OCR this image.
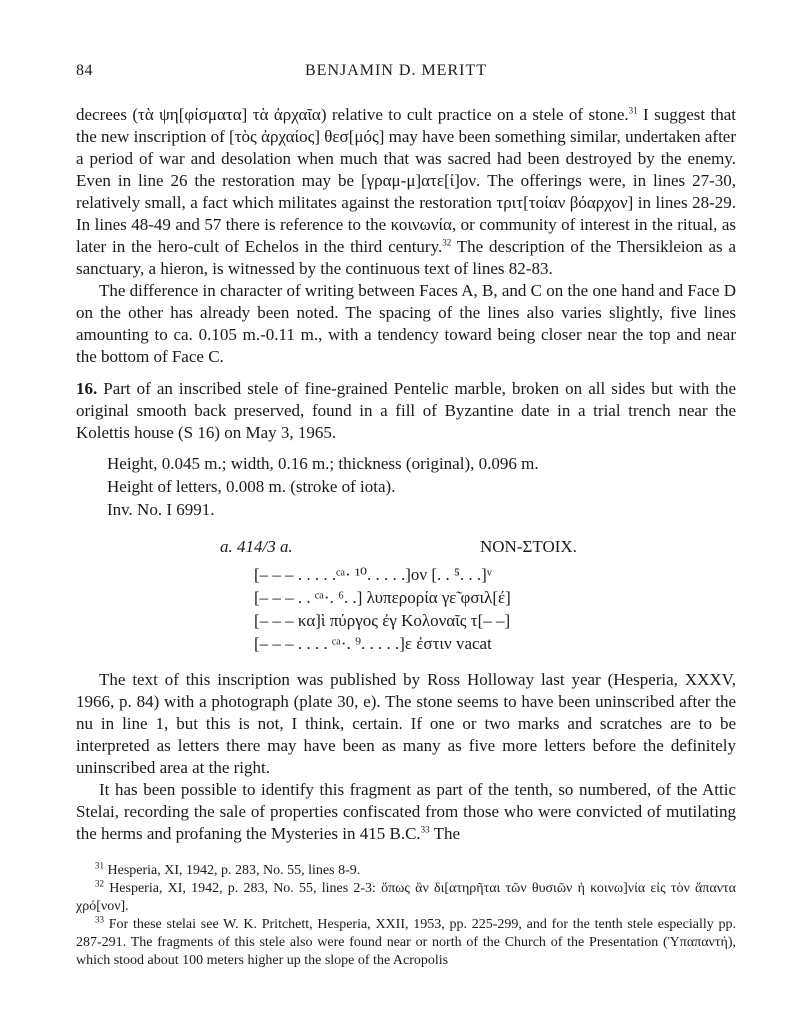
84	BENJAMIN D. MERITT

decrees (τὰ ψη[φίσματα] τὰ ἀρχαῖα) relative to cult practice on a stele of stone.$^{31}$ I suggest that the new inscription of [τὸς ἀρχαίος] θεσ[μός] may have been something similar, undertaken after a period of war and desolation when much that was sacred had been destroyed by the enemy. Even in line 26 the restoration may be [γραμ-μ]ατε[ί]ον. The offerings were, in lines 27-30, relatively small, a fact which militates against the restoration τριτ[τοίαν βόαρχον] in lines 28-29. In lines 48-49 and 57 there is reference to the κοινωνία, or community of interest in the ritual, as later in the hero-cult of Echelos in the third century.$^{32}$ The description of the Thersikleion as a sanctuary, a hieron, is witnessed by the continuous text of lines 82-83.

The difference in character of writing between Faces A, B, and C on the one hand and Face D on the other has already been noted. The spacing of the lines also varies slightly, five lines amounting to ca. 0.105 m.-0.11 m., with a tendency toward being closer near the top and near the bottom of Face C.

16. Part of an inscribed stele of fine-grained Pentelic marble, broken on all sides but with the original smooth back preserved, found in a fill of Byzantine date in a trial trench near the Kolettis house (S 16) on May 3, 1965.

Height, 0.045 m.; width, 0.16 m.; thickness (original), 0.096 m.
Height of letters, 0.008 m. (stroke of iota).
Inv. No. I 6991.
a. 414/3 a.	NON-ΣΤΟΙΧ.
[– – – . . . . .ᶜᵃ· ¹⁰. . . . .]ον [. . ⁵. . .]ᵛ
[– – – . . ᶜᵃ·. ⁶. .] λυπερορία γε̃ φσιλ[έ]
[– – – κα]ὶ πύργος ἐγ Κολοναῖς τ[– –]
[– – – . . . . ᶜᵃ·. ⁹. . . . .]ε ἐστιν vacat

The text of this inscription was published by Ross Holloway last year (Hesperia, XXXV, 1966, p. 84) with a photograph (plate 30, e). The stone seems to have been uninscribed after the nu in line 1, but this is not, I think, certain. If one or two marks and scratches are to be interpreted as letters there may have been as many as five more letters before the definitely uninscribed area at the right.

It has been possible to identify this fragment as part of the tenth, so numbered, of the Attic Stelai, recording the sale of properties confiscated from those who were convicted of mutilating the herms and profaning the Mysteries in 415 B.C.$^{33}$ The

$^{31}$ Hesperia, XI, 1942, p. 283, No. 55, lines 8-9.

$^{32}$ Hesperia, XI, 1942, p. 283, No. 55, lines 2-3: ὅπως ἂν δι[ατηρῆται τῶν θυσιῶν ἡ κοινω]νία εἰς τὸν ἅπαντα χρό[νον].

$^{33}$ For these stelai see W. K. Pritchett, Hesperia, XXII, 1953, pp. 225-299, and for the tenth stele especially pp. 287-291. The fragments of this stele also were found near or north of the Church of the Presentation (Ὑπαπαντή), which stood about 100 meters higher up the slope of the Acropolis
